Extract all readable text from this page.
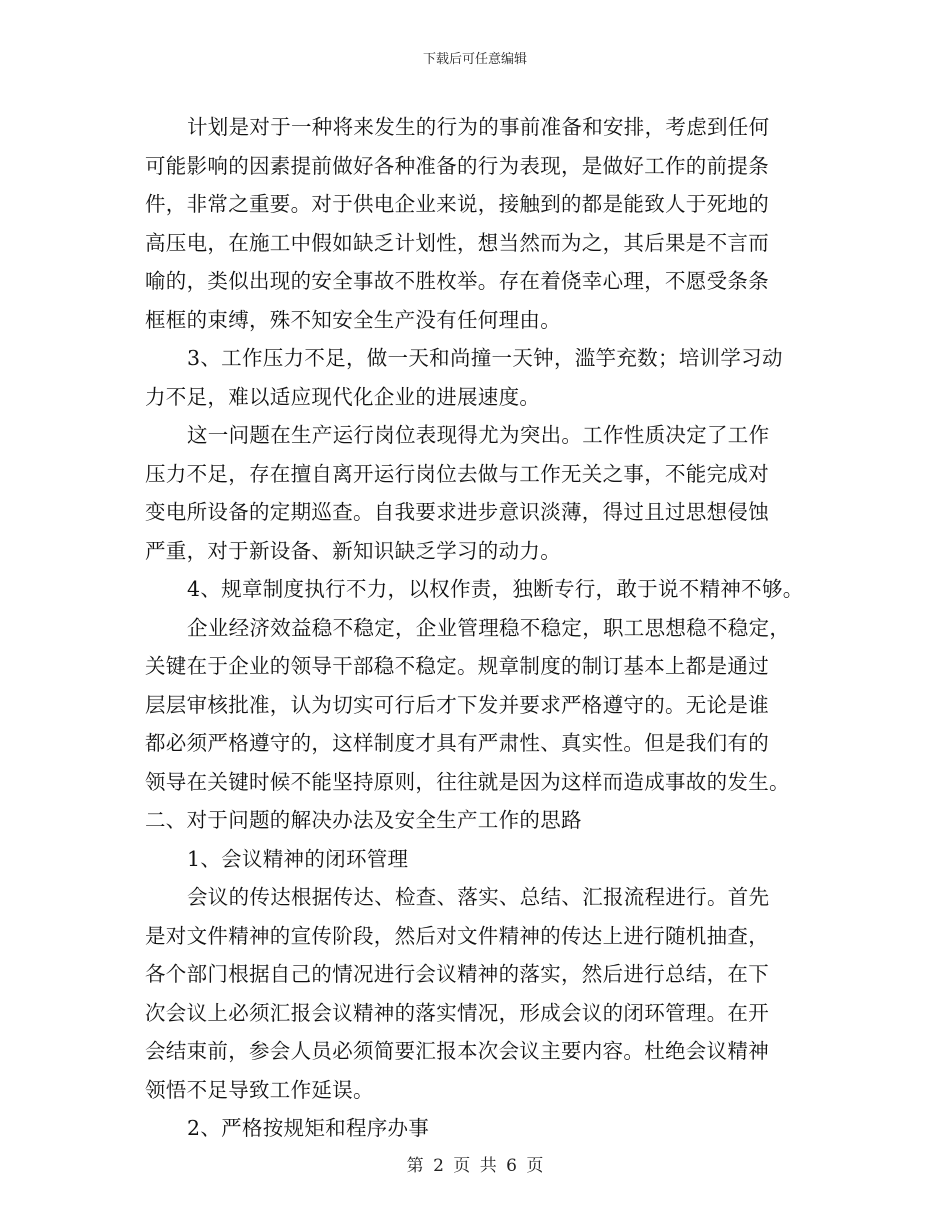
下载后可任意编辑
计划是对于一种将来发生的行为的事前准备和安排，考虑到任何
可能影响的因素提前做好各种准备的行为表现，是做好工作的前提条
件，非常之重要。对于供电企业来说，接触到的都是能致人于死地的
高压电，在施工中假如缺乏计划性，想当然而为之，其后果是不言而
喻的，类似出现的安全事故不胜枚举。存在着侥幸心理，不愿受条条
框框的束缚，殊不知安全生产没有任何理由。
3、工作压力不足，做一天和尚撞一天钟，滥竽充数；培训学习动
力不足，难以适应现代化企业的进展速度。
这一问题在生产运行岗位表现得尤为突出。工作性质决定了工作
压力不足，存在擅自离开运行岗位去做与工作无关之事，不能完成对
变电所设备的定期巡查。自我要求进步意识淡薄，得过且过思想侵蚀
严重，对于新设备、新知识缺乏学习的动力。
4、规章制度执行不力，以权作责，独断专行，敢于说不精神不够。
企业经济效益稳不稳定，企业管理稳不稳定，职工思想稳不稳定，
关键在于企业的领导干部稳不稳定。规章制度的制订基本上都是通过
层层审核批准，认为切实可行后才下发并要求严格遵守的。无论是谁
都必须严格遵守的，这样制度才具有严肃性、真实性。但是我们有的
领导在关键时候不能坚持原则，往往就是因为这样而造成事故的发生。
二、对于问题的解决办法及安全生产工作的思路
1、会议精神的闭环管理
会议的传达根据传达、检查、落实、总结、汇报流程进行。首先
是对文件精神的宣传阶段，然后对文件精神的传达上进行随机抽查，
各个部门根据自己的情况进行会议精神的落实，然后进行总结，在下
次会议上必须汇报会议精神的落实情况，形成会议的闭环管理。在开
会结束前，参会人员必须简要汇报本次会议主要内容。杜绝会议精神
领悟不足导致工作延误。
2、严格按规矩和程序办事
第 2 页 共 6 页
